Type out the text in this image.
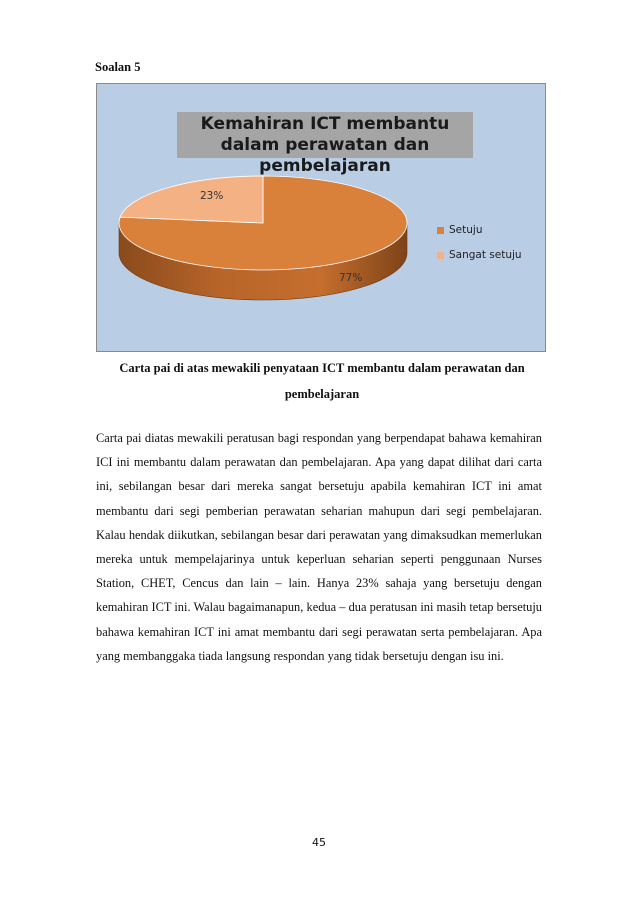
Soalan 5
77%
23%
Kemahiran ICT membantu dalam perawatan dan pembelajaran
Setuju
Sangat setuju
Carta pai di atas mewakili penyataan ICT membantu dalam perawatan dan
pembelajaran
Carta pai diatas mewakili peratusan bagi respondan yang berpendapat bahawa kemahiran ICI ini membantu dalam perawatan dan pembelajaran. Apa yang dapat dilihat dari carta ini, sebilangan besar dari mereka sangat bersetuju apabila kemahiran ICT ini amat membantu dari segi pemberian perawatan seharian mahupun dari segi pembelajaran. Kalau hendak diikutkan, sebilangan besar dari perawatan yang dimaksudkan memerlukan mereka untuk mempelajarinya untuk keperluan seharian seperti penggunaan Nurses Station, CHET, Cencus dan lain – lain. Hanya 23% sahaja yang bersetuju dengan kemahiran ICT ini. Walau bagaimanapun, kedua – dua peratusan ini masih tetap bersetuju bahawa kemahiran ICT ini amat membantu dari segi perawatan serta pembelajaran. Apa yang membanggaka tiada langsung respondan yang tidak bersetuju dengan isu ini.
45
